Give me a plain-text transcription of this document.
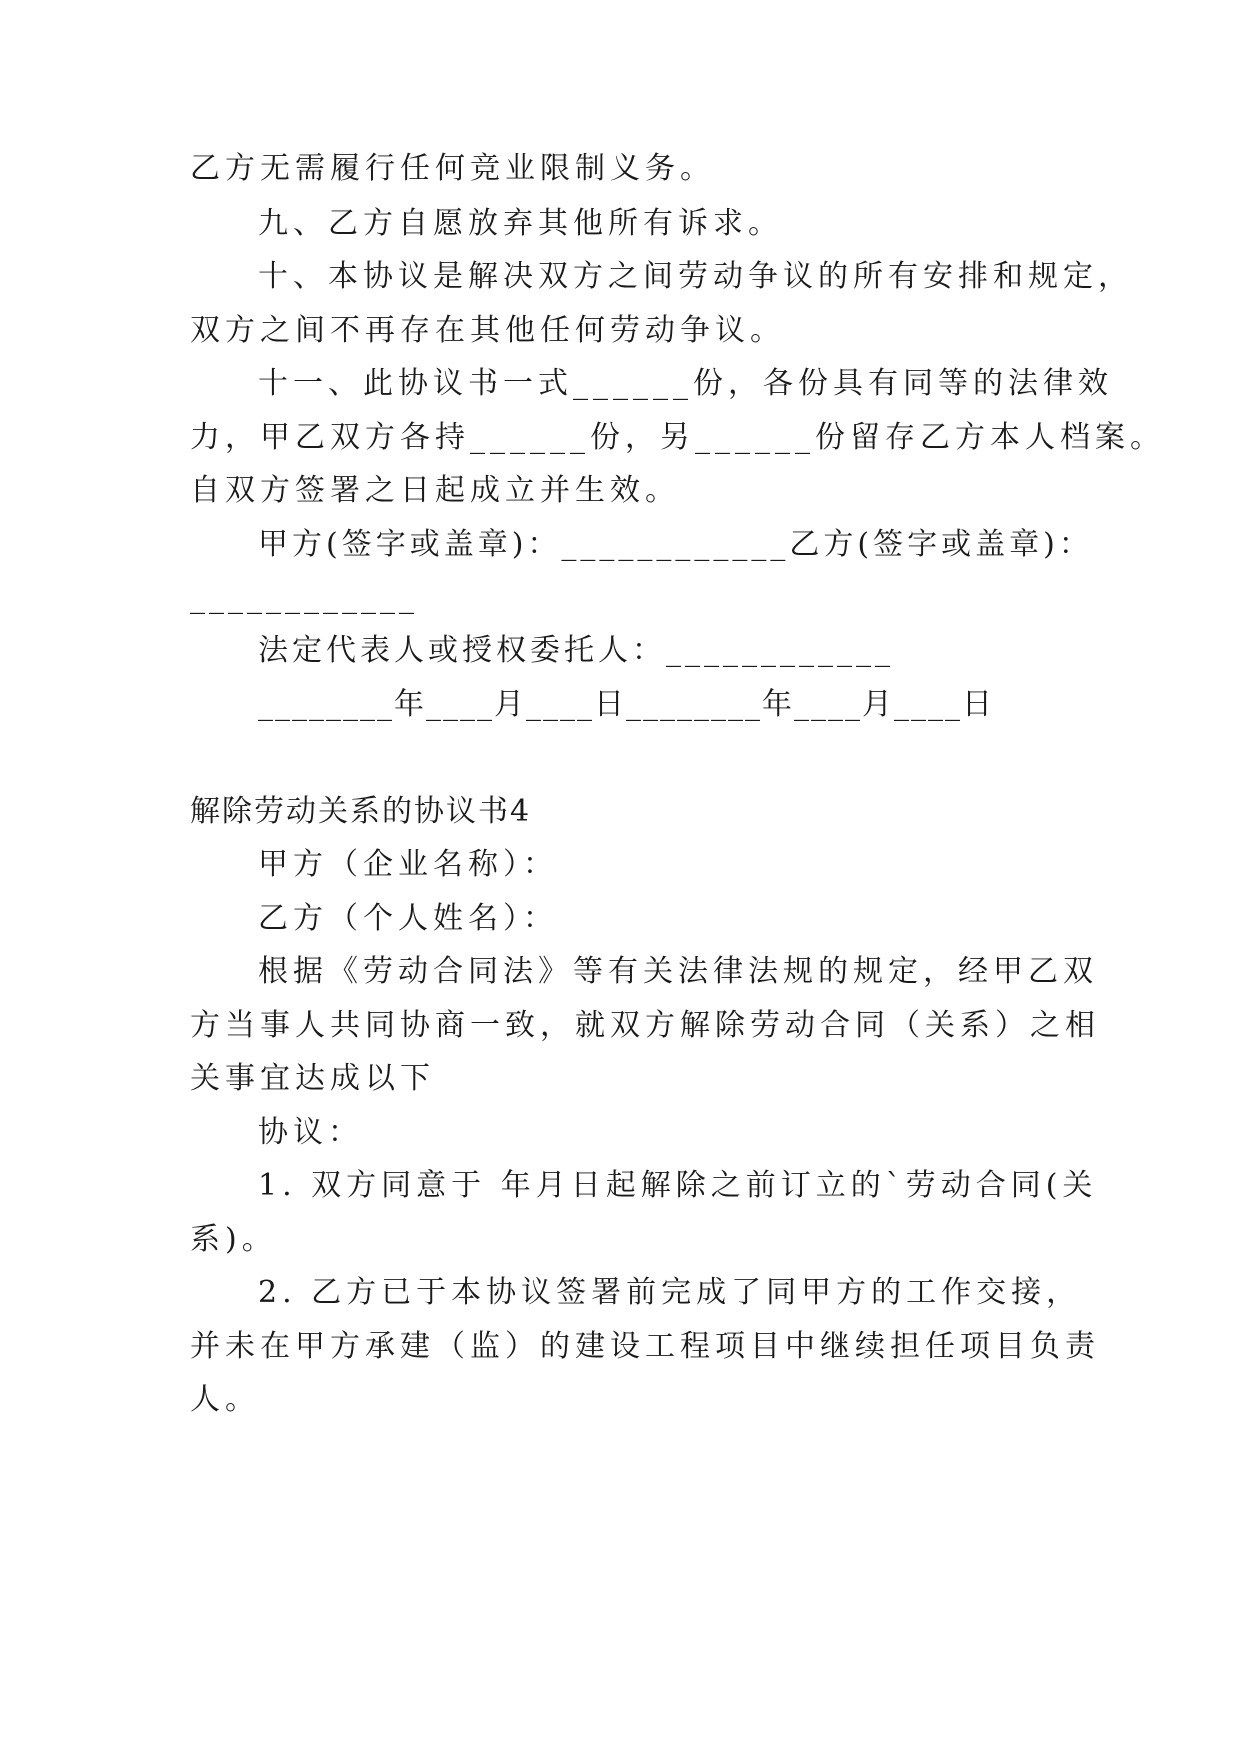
乙方无需履行任何竞业限制义务。
九、乙方自愿放弃其他所有诉求。
十、本协议是解决双方之间劳动争议的所有安排和规定，
双方之间不再存在其他任何劳动争议。
十一、此协议书一式______份，各份具有同等的法律效
力，甲乙双方各持______份，另______份留存乙方本人档案。
自双方签署之日起成立并生效。
甲方(签字或盖章)：____________乙方(签字或盖章)：
____________
法定代表人或授权委托人：____________
________年____月____日________年____月____日
解除劳动关系的协议书4
甲方（企业名称）：
乙方（个人姓名）：
根据《劳动合同法》等有关法律法规的规定，经甲乙双
方当事人共同协商一致，就双方解除劳动合同（关系）之相
关事宜达成以下
协议：
1. 双方同意于 年月日起解除之前订立的`劳动合同(关
系)。
2. 乙方已于本协议签署前完成了同甲方的工作交接，
并未在甲方承建（监）的建设工程项目中继续担任项目负责
人。
